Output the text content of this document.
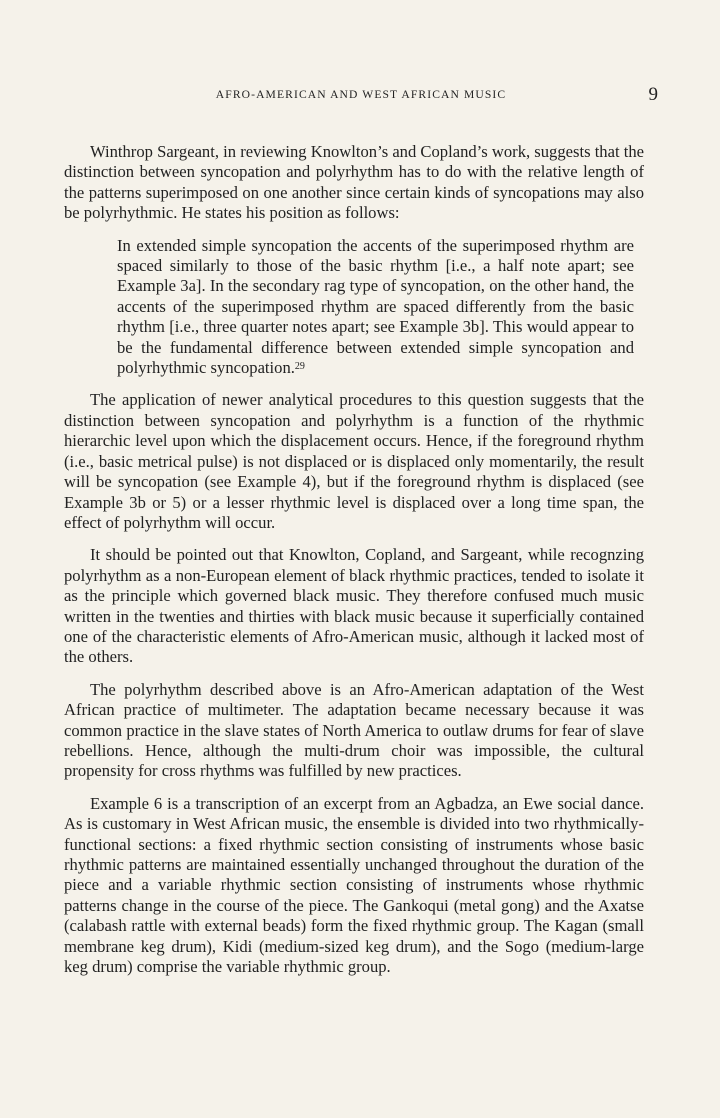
AFRO-AMERICAN AND WEST AFRICAN MUSIC	9

Winthrop Sargeant, in reviewing Knowlton’s and Copland’s work, suggests that the distinction between syncopation and polyrhythm has to do with the relative length of the patterns superimposed on one another since certain kinds of syncopations may also be polyrhythmic. He states his position as follows:

In extended simple syncopation the accents of the superimposed rhythm are spaced similarly to those of the basic rhythm [i.e., a half note apart; see Example 3a]. In the secondary rag type of syncopation, on the other hand, the accents of the superimposed rhythm are spaced differently from the basic rhythm [i.e., three quarter notes apart; see Example 3b]. This would appear to be the fundamental difference between extended simple syncopation and polyrhythmic syncopation.$^{29}$

The application of newer analytical procedures to this question suggests that the distinction between syncopation and polyrhythm is a function of the rhythmic hierarchic level upon which the displacement occurs. Hence, if the foreground rhythm (i.e., basic metrical pulse) is not displaced or is displaced only momentarily, the result will be syncopation (see Example 4), but if the foreground rhythm is displaced (see Example 3b or 5) or a lesser rhythmic level is displaced over a long time span, the effect of polyrhythm will occur.

It should be pointed out that Knowlton, Copland, and Sargeant, while recognzing polyrhythm as a non-European element of black rhythmic practices, tended to isolate it as the principle which governed black music. They therefore confused much music written in the twenties and thirties with black music because it superficially contained one of the characteristic elements of Afro-American music, although it lacked most of the others.

The polyrhythm described above is an Afro-American adaptation of the West African practice of multimeter. The adaptation became necessary because it was common practice in the slave states of North America to outlaw drums for fear of slave rebellions. Hence, although the multi-drum choir was impossible, the cultural propensity for cross rhythms was fulfilled by new practices.

Example 6 is a transcription of an excerpt from an Agbadza, an Ewe social dance. As is customary in West African music, the ensemble is divided into two rhythmically-functional sections: a fixed rhythmic section consisting of instruments whose basic rhythmic patterns are maintained essentially unchanged throughout the duration of the piece and a variable rhythmic section consisting of instruments whose rhythmic patterns change in the course of the piece. The Gankoqui (metal gong) and the Axatse (calabash rattle with external beads) form the fixed rhythmic group. The Kagan (small membrane keg drum), Kidi (medium-sized keg drum), and the Sogo (medium-large keg drum) comprise the variable rhythmic group.
